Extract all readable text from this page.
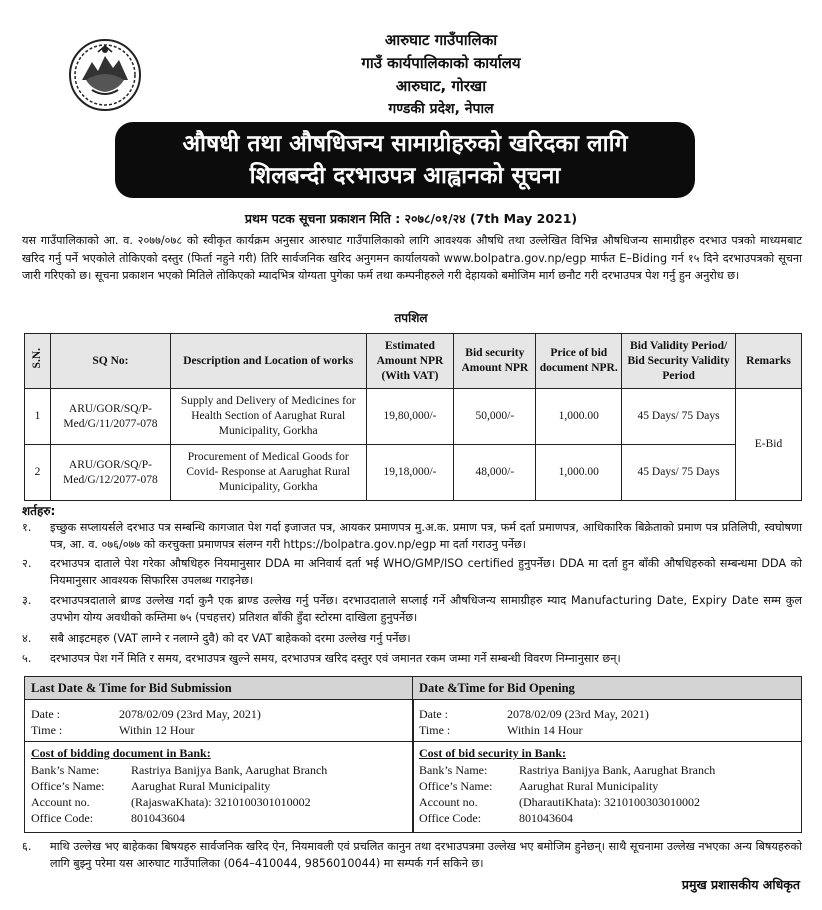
आरुघाट गाउँपालिका
गाउँ कार्यपालिकाको कार्यालय
आरुघाट, गोरखा
गण्डकी प्रदेश, नेपाल
औषधी तथा औषधिजन्य सामाग्रीहरुको खरिदका लागि
शिलबन्दी दरभाउपत्र आह्वानको सूचना
प्रथम पटक सूचना प्रकाशन मिति : २०७८/०१/२४ (7th May 2021)
यस गाउँपालिकाको आ. व. २०७७/०७८ को स्वीकृत कार्यक्रम अनुसार आरुघाट गाउँपालिकाको लागि आवश्यक औषधि तथा उल्लेखित विभिन्न औषधिजन्य सामाग्रीहरु दरभाउ पत्रको माध्यमबाट खरिद गर्नु पर्ने भएकोले तोकिएको दस्तुर (फिर्ता नहुने गरी) तिरि सार्वजनिक खरिद अनुगमन कार्यालयको www.bolpatra.gov.np/egp मार्फत E–Biding गर्न १५ दिने दरभाउपत्रको सूचना जारी गरिएको छ। सूचना प्रकाशन भएको मितिले तोकिएको म्यादभित्र योग्यता पुगेका फर्म तथा कम्पनीहरुले गरी देहायको बमोजिम मार्ग छनौट गरी दरभाउपत्र पेश गर्नु हुन अनुरोध छ।
तपशिल
S.N.	SQ No:	Description and Location of works	Estimated Amount NPR (With VAT)	Bid security Amount NPR	Price of bid document NPR.	Bid Validity Period/ Bid Security Validity Period	Remarks
1	ARU/GOR/SQ/P-Med/G/11/2077-078	Supply and Delivery of Medicines for Health Section of Aarughat Rural Municipality, Gorkha	19,80,000/-	50,000/-	1,000.00	45 Days/ 75 Days	E-Bid
2	ARU/GOR/SQ/P-Med/G/12/2077-078	Procurement of Medical Goods for Covid- Response at Aarughat Rural Municipality, Gorkha	19,18,000/-	48,000/-	1,000.00	45 Days/ 75 Days	
शर्तहरु:
१.	इच्छुक सप्लायर्सले दरभाउ पत्र सम्बन्धि कागजात पेश गर्दा इजाजत पत्र, आयकर प्रमाणपत्र मु.अ.क. प्रमाण पत्र, फर्म दर्ता प्रमाणपत्र, आधिकारिक बिक्रेताको प्रमाण पत्र प्रतिलिपी, स्वघोषणा पत्र, आ. व. ०७६/०७७ को करचुक्ता प्रमाणपत्र संलग्न गरी https://bolpatra.gov.np/egp मा दर्ता गराउनु पर्नेछ।
२.	दरभाउपत्र दाताले पेश गरेका औषधिहरु नियमानुसार DDA मा अनिवार्य दर्ता भई WHO/GMP/ISO certified हुनुपर्नेछ। DDA मा दर्ता हुन बाँकी औषधिहरुको सम्बन्धमा DDA को नियमानुसार आवश्यक सिफारिस उपलब्ध गराइनेछ।
३.	दरभाउपत्रदाताले ब्राण्ड उल्लेख गर्दा कुनै एक ब्राण्ड उल्लेख गर्नु पर्नेछ। दरभाउदाताले सप्लाई गर्ने औषधिजन्य सामाग्रीहरु म्याद Manufacturing Date, Expiry Date सम्म कुल उपभोग योग्य अवधीको कम्तिमा ७५ (पचहत्तर) प्रतिशत बाँकी हुँदा स्टोरमा दाखिला हुनुपर्नेछ।
४.	सबै आइटमहरु (VAT लाग्ने र नलाग्ने दुवै) को दर VAT बाहेकको दरमा उल्लेख गर्नु पर्नेछ।
५.	दरभाउपत्र पेश गर्ने मिति र समय, दरभाउपत्र खुल्ने समय, दरभाउपत्र खरिद दस्तुर एवं जमानत रकम जम्मा गर्ने सम्बन्धी विवरण निम्नानुसार छन्।
Last Date & Time for Bid Submission
Date :	2078/02/09 (23rd May, 2021)
Time :	Within 12 Hour
Cost of bidding document in Bank:
Bank’s Name:	Rastriya Banijya Bank, Aarughat Branch
Office’s Name: Aarughat Rural Municipality
Account no.	(RajaswaKhata): 3210100301010002
Office Code:	801043604
Date &Time for Bid Opening
Date :	2078/02/09 (23rd May, 2021)
Time :	Within 14 Hour
Cost of bid security in Bank:
Bank’s Name:	Rastriya Banijya Bank, Aarughat Branch
Office’s Name: Aarughat Rural Municipality
Account no.	(DharautiKhata): 3210100303010002
Office Code:	801043604
६. माथि उल्लेख भए बाहेकका बिषयहरु सार्वजनिक खरिद ऐन, नियमावली एवं प्रचलित कानुन तथा दरभाउपत्रमा उल्लेख भए बमोजिम हुनेछन्। साथै सूचनामा उल्लेख नभएका अन्य बिषयहरुको लागि बुझ्नु परेमा यस आरुघाट गाउँपालिका (064–410044, 9856010044) मा सम्पर्क गर्न सकिने छ।
प्रमुख प्रशासकीय अधिकृत
